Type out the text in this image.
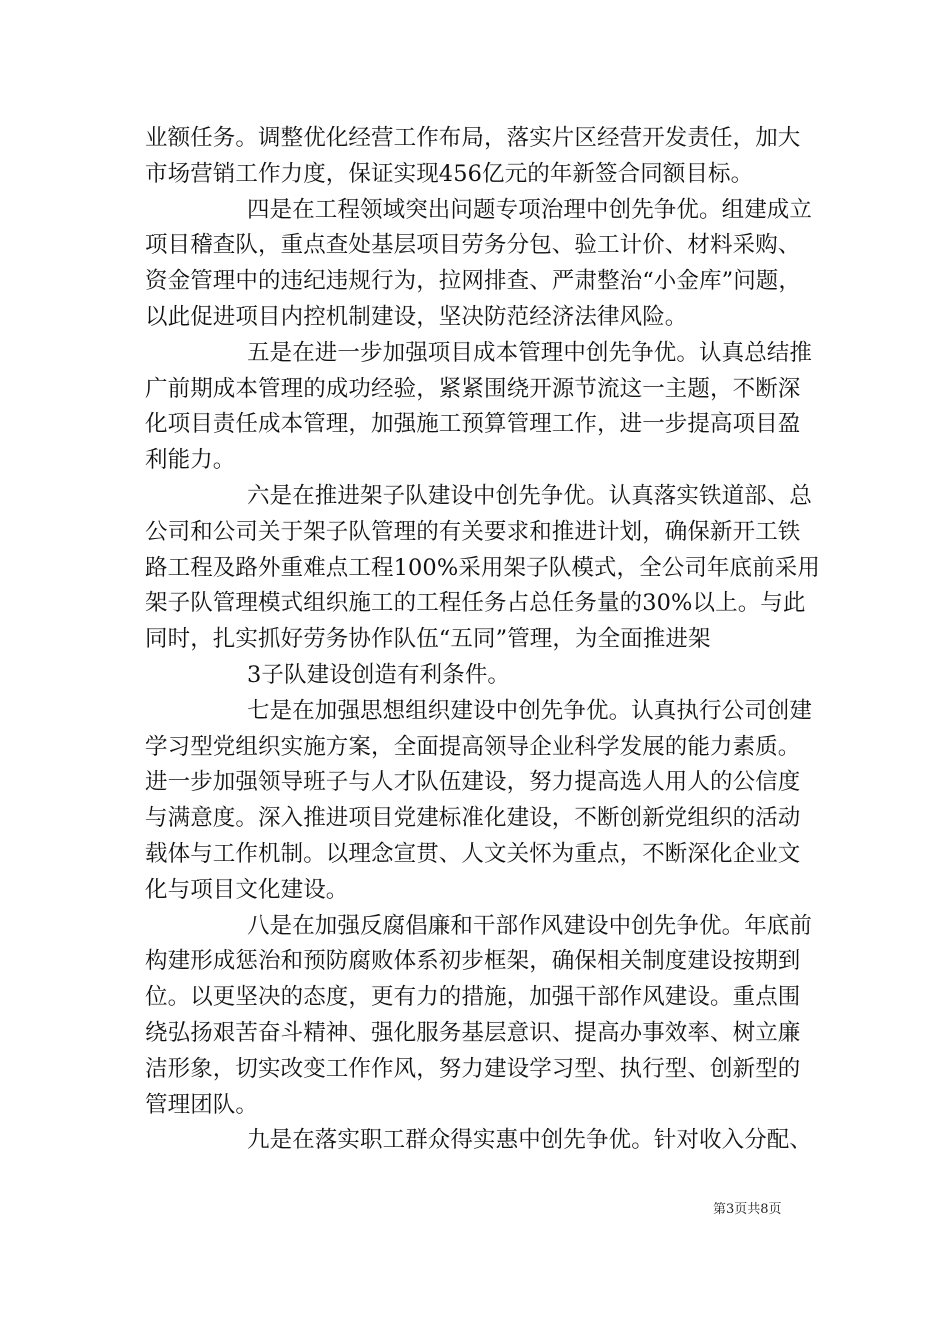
业额任务。调整优化经营工作布局，落实片区经营开发责任，加大
市场营销工作力度，保证实现456亿元的年新签合同额目标。
四是在工程领域突出问题专项治理中创先争优。组建成立
项目稽查队，重点查处基层项目劳务分包、验工计价、材料采购、
资金管理中的违纪违规行为，拉网排查、严肃整治“小金库”问题，
以此促进项目内控机制建设，坚决防范经济法律风险。
五是在进一步加强项目成本管理中创先争优。认真总结推
广前期成本管理的成功经验，紧紧围绕开源节流这一主题，不断深
化项目责任成本管理，加强施工预算管理工作，进一步提高项目盈
利能力。
六是在推进架子队建设中创先争优。认真落实铁道部、总
公司和公司关于架子队管理的有关要求和推进计划，确保新开工铁
路工程及路外重难点工程100%采用架子队模式，全公司年底前采用
架子队管理模式组织施工的工程任务占总任务量的30%以上。与此
同时，扎实抓好劳务协作队伍“五同”管理，为全面推进架
3子队建设创造有利条件。
七是在加强思想组织建设中创先争优。认真执行公司创建
学习型党组织实施方案，全面提高领导企业科学发展的能力素质。
进一步加强领导班子与人才队伍建设，努力提高选人用人的公信度
与满意度。深入推进项目党建标准化建设，不断创新党组织的活动
载体与工作机制。以理念宣贯、人文关怀为重点，不断深化企业文
化与项目文化建设。
八是在加强反腐倡廉和干部作风建设中创先争优。年底前
构建形成惩治和预防腐败体系初步框架，确保相关制度建设按期到
位。以更坚决的态度，更有力的措施，加强干部作风建设。重点围
绕弘扬艰苦奋斗精神、强化服务基层意识、提高办事效率、树立廉
洁形象，切实改变工作作风，努力建设学习型、执行型、创新型的
管理团队。
九是在落实职工群众得实惠中创先争优。针对收入分配、
第3页共8页
